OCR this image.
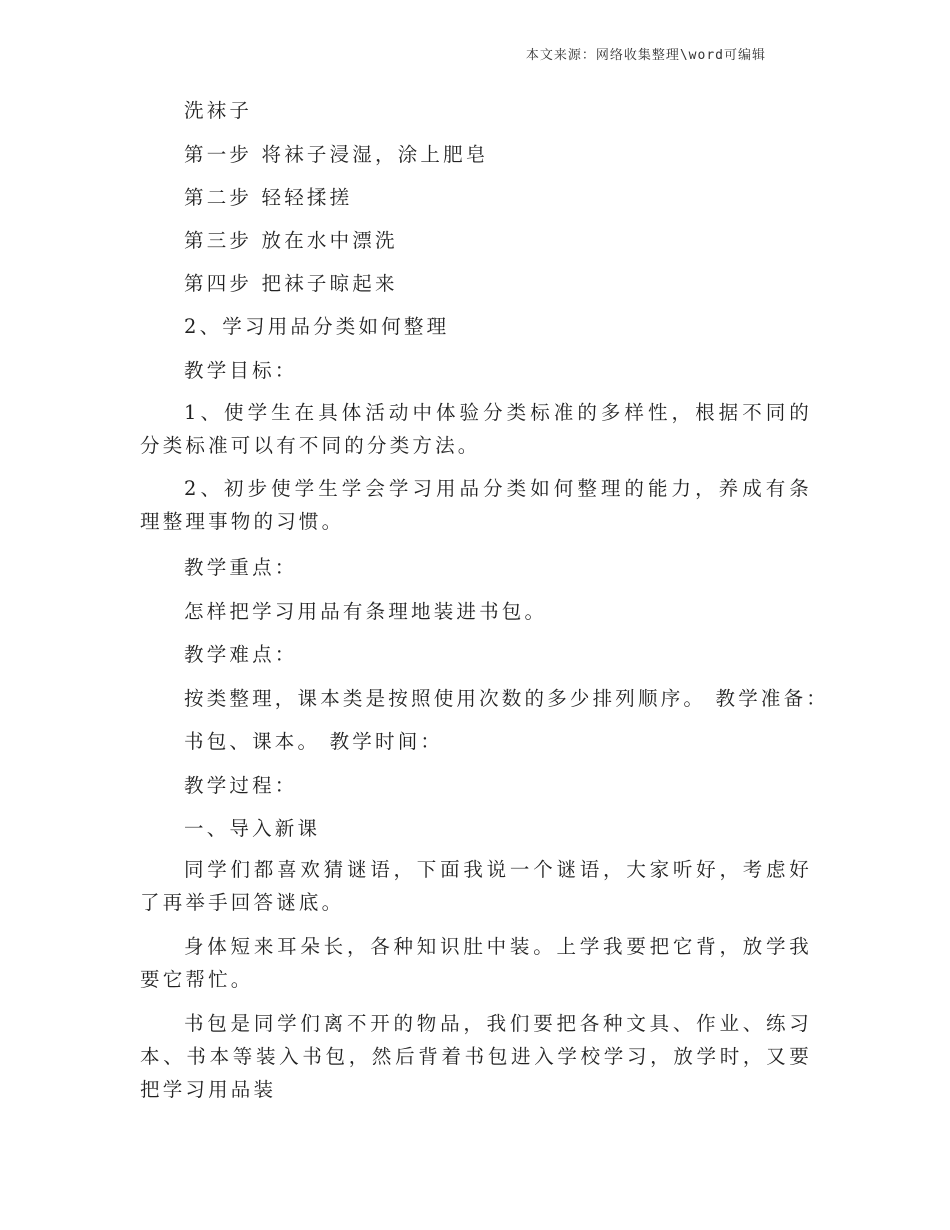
本文来源：网络收集整理\word可编辑
洗袜子
第一步 将袜子浸湿，涂上肥皂
第二步 轻轻揉搓
第三步 放在水中漂洗
第四步 把袜子晾起来
2、学习用品分类如何整理
教学目标：
1、使学生在具体活动中体验分类标准的多样性，根据不同的分类标准可以有不同的分类方法。
2、初步使学生学会学习用品分类如何整理的能力，养成有条理整理事物的习惯。
教学重点：
怎样把学习用品有条理地装进书包。
教学难点：
按类整理，课本类是按照使用次数的多少排列顺序。 教学准备：
书包、课本。 教学时间：
教学过程：
一、导入新课
同学们都喜欢猜谜语，下面我说一个谜语，大家听好，考虑好了再举手回答谜底。
身体短来耳朵长，各种知识肚中装。上学我要把它背，放学我要它帮忙。
书包是同学们离不开的物品，我们要把各种文具、作业、练习本、书本等装入书包，然后背着书包进入学校学习，放学时，又要把学习用品装
